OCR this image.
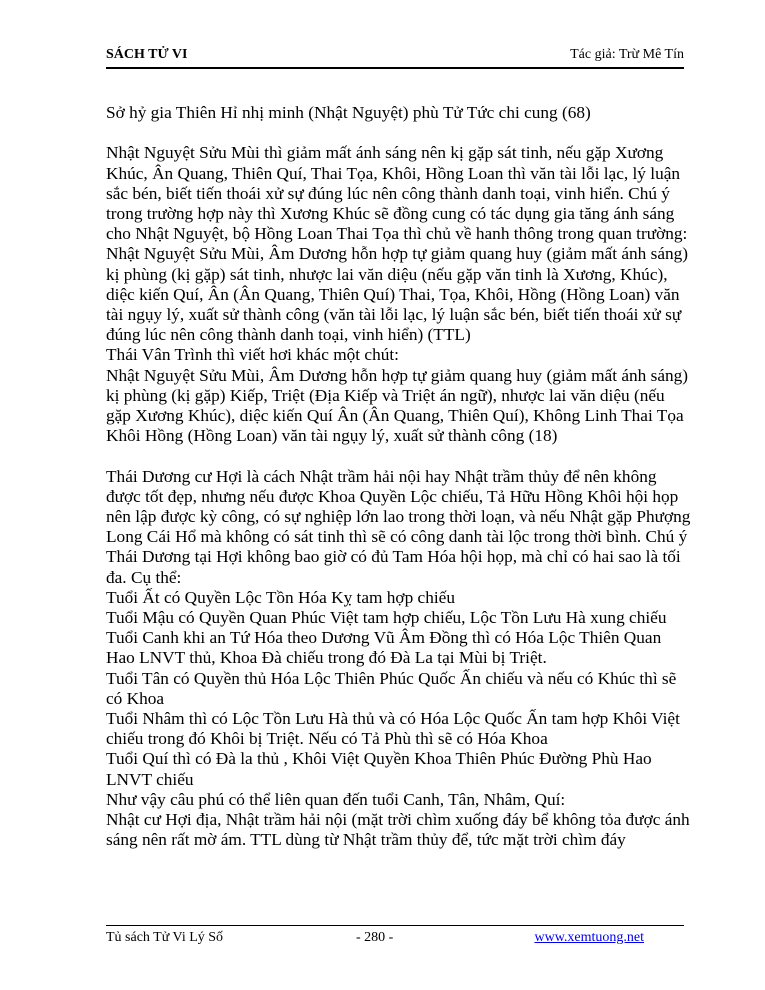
SÁCH TỬ VI	Tác giả: Trừ Mê Tín

Sở hỷ gia Thiên Hỉ nhị minh (Nhật Nguyệt) phù Tử Tức chi cung (68)

Nhật Nguyệt Sửu Mùi thì giảm mất ánh sáng nên kị gặp sát tinh, nếu gặp Xương Khúc, Ân Quang, Thiên Quí, Thai Tọa, Khôi, Hồng Loan thì văn tài lỗi lạc, lý luận sắc bén, biết tiến thoái xử sự đúng lúc nên công thành danh toại, vinh hiển. Chú ý trong trường hợp này thì Xương Khúc sẽ đồng cung có tác dụng gia tăng ánh sáng cho Nhật Nguyệt, bộ Hồng Loan Thai Tọa thì chủ về hanh thông trong quan trường:

Nhật Nguyệt Sửu Mùi, Âm Dương hỗn hợp tự giảm quang huy (giảm mất ánh sáng) kị phùng (kị gặp) sát tinh, nhược lai văn diệu (nếu gặp văn tinh là Xương, Khúc), diệc kiến Quí, Ân (Ân Quang, Thiên Quí) Thai, Tọa, Khôi, Hồng (Hồng Loan) văn tài ngụy lý, xuất sử thành công (văn tài lỗi lạc, lý luận sắc bén, biết tiến thoái xử sự đúng lúc nên công thành danh toại, vinh hiển) (TTL)

Thái Vân Trình thì viết hơi khác một chút:

Nhật Nguyệt Sửu Mùi, Âm Dương hỗn hợp tự giảm quang huy (giảm mất ánh sáng) kị phùng (kị gặp) Kiếp, Triệt (Địa Kiếp và Triệt án ngữ), nhược lai văn diệu (nếu gặp Xương Khúc), diệc kiến Quí Ân (Ân Quang, Thiên Quí), Không Linh Thai Tọa Khôi Hồng (Hồng Loan) văn tài ngụy lý, xuất sử thành công (18)

Thái Dương cư Hợi là cách Nhật trầm hải nội hay Nhật trầm thủy để nên không được tốt đẹp, nhưng nếu được Khoa Quyền Lộc chiếu, Tả Hữu Hồng Khôi hội họp nên lập được kỳ công, có sự nghiệp lớn lao trong thời loạn, và nếu Nhật gặp Phượng Long Cái Hổ mà không có sát tinh thì sẽ có công danh tài lộc trong thời bình. Chú ý Thái Dương tại Hợi không bao giờ có đủ Tam Hóa hội họp, mà chỉ có hai sao là tối đa. Cụ thể:

Tuổi Ất có Quyền Lộc Tồn Hóa Kỵ tam hợp chiếu

Tuổi Mậu có Quyền Quan Phúc Việt tam hợp chiếu, Lộc Tồn Lưu Hà xung chiếu

Tuổi Canh khi an Tứ Hóa theo Dương Vũ Âm Đồng thì có Hóa Lộc Thiên Quan Hao LNVT thủ, Khoa Đà chiếu trong đó Đà La tại Mùi bị Triệt.

Tuổi Tân có Quyền thủ Hóa Lộc Thiên Phúc Quốc Ấn chiếu và nếu có Khúc thì sẽ có Khoa

Tuổi Nhâm thì có Lộc Tồn Lưu Hà thủ và có Hóa Lộc Quốc Ấn tam hợp Khôi Việt chiếu trong đó Khôi bị Triệt. Nếu có Tả Phù thì sẽ có Hóa Khoa

Tuổi Quí thì có Đà la thủ , Khôi Việt Quyền Khoa Thiên Phúc Đường Phù Hao LNVT chiếu

Như vậy câu phú có thể liên quan đến tuổi Canh, Tân, Nhâm, Quí:

Nhật cư Hợi địa, Nhật trầm hải nội (mặt trời chìm xuống đáy bể không tỏa được ánh sáng nên rất mờ ám. TTL dùng từ Nhật trầm thủy để, tức mặt trời chìm đáy

Tủ sách Tử Vi Lý Số	- 280 -	www.xemtuong.net
